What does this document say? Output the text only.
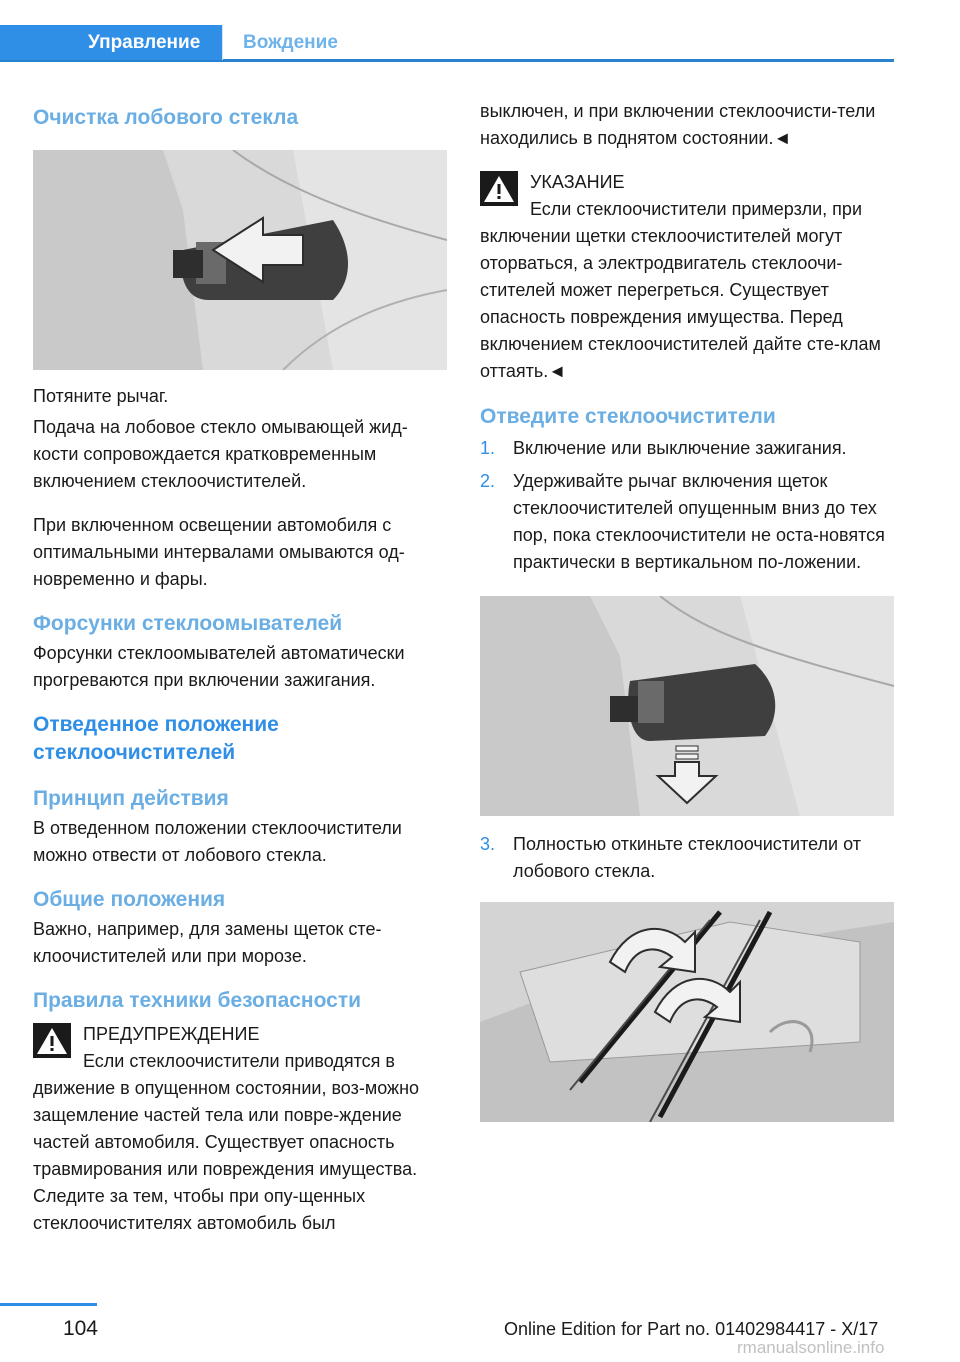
Управление	Вождение
Очистка лобового стекла

Потяните рычаг.

Подача на лобовое стекло омывающей жид-кости сопровождается кратковременным включением стеклоочистителей.

При включенном освещении автомобиля с оптимальными интервалами омываются од-новременно и фары.

Форсунки стеклоомывателей

Форсунки стеклоомывателей автоматически прогреваются при включении зажигания.

Отведенное положение стеклоочистителей
Принцип действия

В отведенном положении стеклоочистители можно отвести от лобового стекла.

Общие положения

Важно, например, для замены щеток сте-клоочистителей или при морозе.

Правила техники безопасности

ПРЕДУПРЕЖДЕНИЕ

Если стеклоочистители приводятся в движение в опущенном состоянии, воз-можно защемление частей тела или повре-ждение частей автомобиля. Существует опасность травмирования или повреждения имущества. Следите за тем, чтобы при опу-щенных стеклоочистителях автомобиль был

выключен, и при включении стеклоочисти-тели находились в поднятом состоянии.◄

УКАЗАНИЕ

Если стеклоочистители примерзли, при включении щетки стеклоочистителей могут оторваться, а электродвигатель стеклоочи-стителей может перегреться. Существует опасность повреждения имущества. Перед включением стеклоочистителей дайте сте-клам оттаять.◄

Отведите стеклоочистители
1. Включение или выключение зажигания.
2. Удерживайте рычаг включения щеток стеклоочистителей опущенным вниз до тех пор, пока стеклоочистители не оста-новятся практически в вертикальном по-ложении.
3. Полностью откиньте стеклоочистители от лобового стекла.
104	Online Edition for Part no. 01402984417 - X/17
rmanualsonline.info
